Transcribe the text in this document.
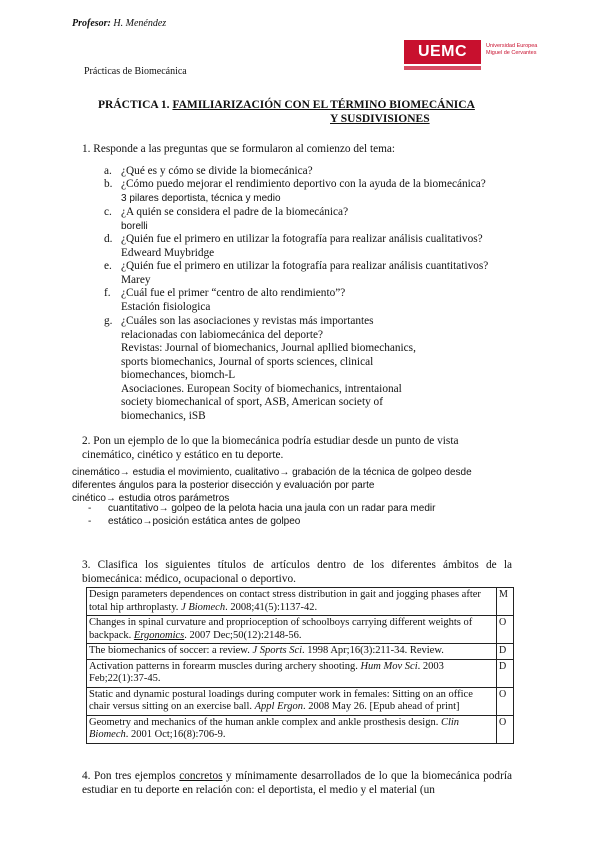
Profesor: H. Menéndez
Prácticas de Biomecánica
UEMC	Universidad Europea
Miguel de Cervantes
PRÁCTICA 1. FAMILIARIZACIÓN CON EL TÉRMINO BIOMECÁNICA
Y SUSDIVISIONES
1. Responde a las preguntas que se formularon al comienzo del tema:
a. ¿Qué es y cómo se divide la biomecánica?
b. ¿Cómo puedo mejorar el rendimiento deportivo con la ayuda de la biomecánica?
3 pilares deportista, técnica y medio
c. ¿A quién se considera el padre de la biomecánica?
borelli
d. ¿Quién fue el primero en utilizar la fotografía para realizar análisis cualitativos?
Edweard Muybridge
e. ¿Quién fue el primero en utilizar la fotografía para realizar análisis cuantitativos?
Marey
f. ¿Cuál fue el primer “centro de alto rendimiento”?
Estación fisiologica
g. ¿Cuáles son las asociaciones y revistas más importantes
relacionadas con labiomecánica del deporte?
Revistas: Journal of biomechanics, Journal apllied biomechanics,
sports biomechanics, Journal of sports sciences, clinical
biomechances, biomch-L
Asociaciones. European Socity of biomechanics, intrentaional
society biomechanical of sport, ASB, American society of
biomechanics, iSB
2. Pon un ejemplo de lo que la biomecánica podría estudiar desde un punto de vista
cinemático, cinético y estático en tu deporte.
cinemático→ estudia el movimiento, cualitativo→ grabación de la técnica de golpeo desde
diferentes ángulos para la posterior disección y evaluación por parte
cinético→ estudia otros parámetros
- cuantitativo→ golpeo de la pelota hacia una jaula con un radar para medir
- estático→posición estática antes de golpeo
3. Clasifica los siguientes títulos de artículos dentro de los diferentes ámbitos de la biomecánica: médico, ocupacional o deportivo.
Design parameters dependences on contact stress distribution in gait and jogging phases after total hip arthroplasty. J Biomech. 2008;41(5):1137-42.	M
Changes in spinal curvature and proprioception of schoolboys carrying different weights of backpack. Ergonomics. 2007 Dec;50(12):2148-56.	O
The biomechanics of soccer: a review. J Sports Sci. 1998 Apr;16(3):211-34. Review.	D
Activation patterns in forearm muscles during archery shooting. Hum Mov Sci. 2003 Feb;22(1):37-45.	D
Static and dynamic postural loadings during computer work in females: Sitting on an office chair versus sitting on an exercise ball. Appl Ergon. 2008 May 26. [Epub ahead of print]	O
Geometry and mechanics of the human ankle complex and ankle prosthesis design. Clin Biomech. 2001 Oct;16(8):706-9.	O
4. Pon tres ejemplos concretos y mínimamente desarrollados de lo que la biomecánica podría estudiar en tu deporte en relación con: el deportista, el medio y el material (un
